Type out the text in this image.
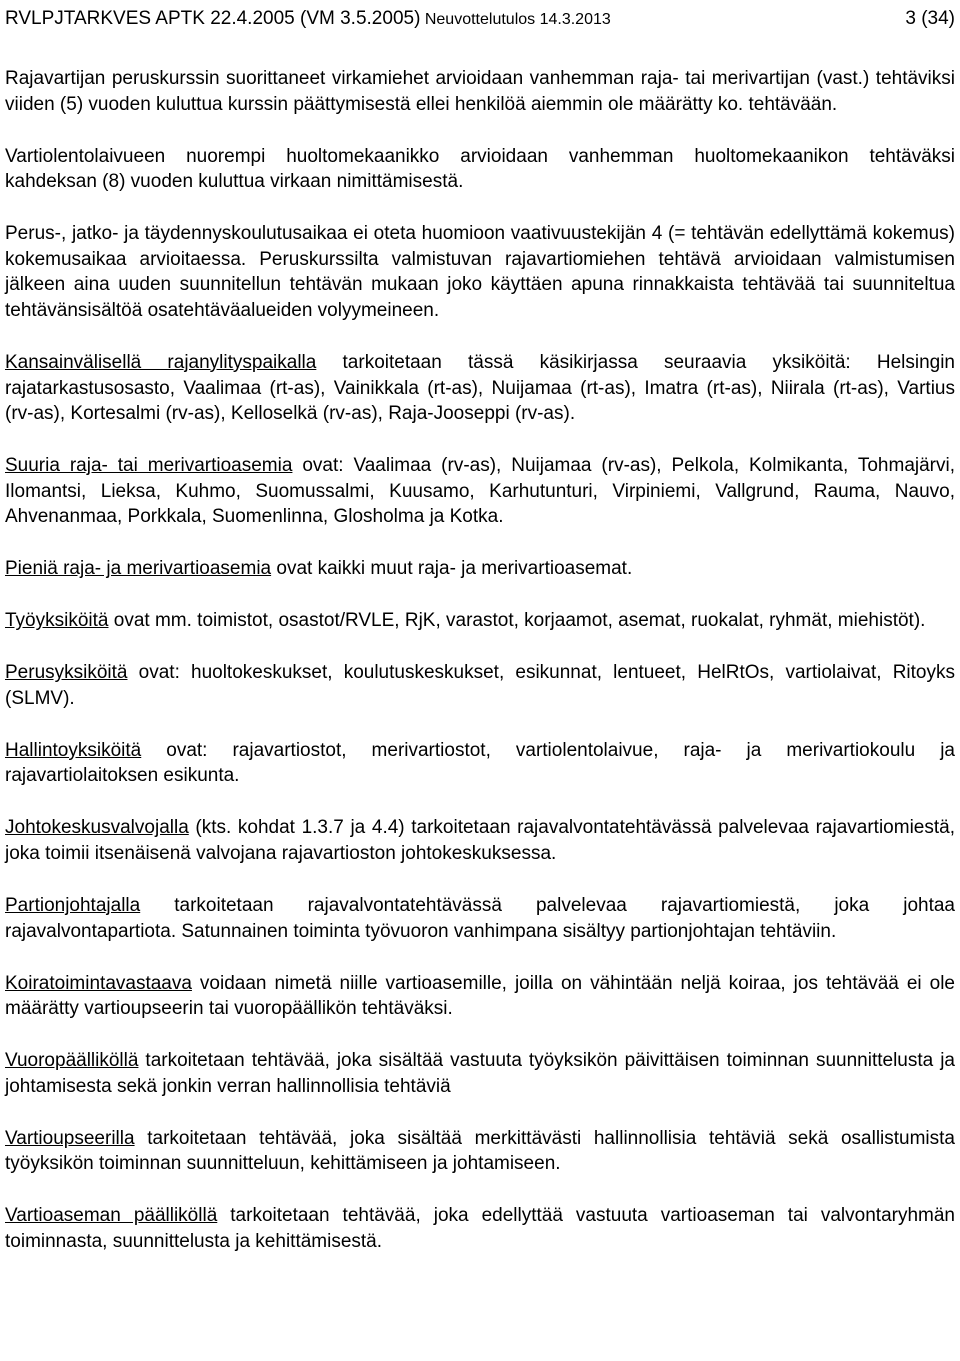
RVLPJTARKVES APTK 22.4.2005 (VM 3.5.2005) Neuvottelutulos 14.3.2013	3 (34)

Rajavartijan peruskurssin suorittaneet virkamiehet arvioidaan vanhemman raja- tai merivartijan (vast.) tehtäviksi viiden (5) vuoden kuluttua kurssin päättymisestä ellei henkilöä aiemmin ole määrätty ko. tehtävään.

Vartiolentolaivueen nuorempi huoltomekaanikko arvioidaan vanhemman huoltomekaanikon tehtäväksi kahdeksan (8) vuoden kuluttua virkaan nimittämisestä.

Perus-, jatko- ja täydennyskoulutusaikaa ei oteta huomioon vaativuustekijän 4 (= tehtävän edellyttämä kokemus) kokemusaikaa arvioitaessa. Peruskurssilta valmistuvan rajavartiomiehen tehtävä arvioidaan valmistumisen jälkeen aina uuden suunnitellun tehtävän mukaan joko käyttäen apuna rinnakkaista tehtävää tai suunniteltua tehtävänsisältöä osatehtäväalueiden volyymeineen.

Kansainvälisellä rajanylityspaikalla tarkoitetaan tässä käsikirjassa seuraavia yksiköitä: Helsingin rajatarkastusosasto, Vaalimaa (rt-as), Vainikkala (rt-as), Nuijamaa (rt-as), Imatra (rt-as), Niirala (rt-as), Vartius (rv-as), Kortesalmi (rv-as), Kelloselkä (rv-as), Raja-Jooseppi (rv-as).

Suuria raja- tai merivartioasemia ovat: Vaalimaa (rv-as), Nuijamaa (rv-as), Pelkola, Kolmikanta, Tohmajärvi, Ilomantsi, Lieksa, Kuhmo, Suomussalmi, Kuusamo, Karhutunturi, Virpiniemi, Vallgrund, Rauma, Nauvo, Ahvenanmaa, Porkkala, Suomenlinna, Glosholma ja Kotka.

Pieniä raja- ja merivartioasemia ovat kaikki muut raja- ja merivartioasemat.

Työyksiköitä ovat mm. toimistot, osastot/RVLE, RjK, varastot, korjaamot, asemat, ruokalat, ryhmät, miehistöt).

Perusyksiköitä ovat: huoltokeskukset, koulutuskeskukset, esikunnat, lentueet, HelRtOs, vartiolaivat, Ritoyks (SLMV).

Hallintoyksiköitä ovat: rajavartiostot, merivartiostot, vartiolentolaivue, raja- ja merivartiokoulu ja rajavartiolaitoksen esikunta.

Johtokeskusvalvojalla (kts. kohdat 1.3.7 ja 4.4) tarkoitetaan rajavalvontatehtävässä palvelevaa rajavartiomiestä, joka toimii itsenäisenä valvojana rajavartioston johtokeskuksessa.

Partionjohtajalla tarkoitetaan rajavalvontatehtävässä palvelevaa rajavartiomiestä, joka johtaa rajavalvontapartiota. Satunnainen toiminta työvuoron vanhimpana sisältyy partionjohtajan tehtäviin.

Koiratoimintavastaava voidaan nimetä niille vartioasemille, joilla on vähintään neljä koiraa, jos tehtävää ei ole määrätty vartioupseerin tai vuoropäällikön tehtäväksi.

Vuoropäälliköllä tarkoitetaan tehtävää, joka sisältää vastuuta työyksikön päivittäisen toiminnan suunnittelusta ja johtamisesta sekä jonkin verran hallinnollisia tehtäviä

Vartioupseerilla tarkoitetaan tehtävää, joka sisältää merkittävästi hallinnollisia tehtäviä sekä osallistumista työyksikön toiminnan suunnitteluun, kehittämiseen ja johtamiseen.

Vartioaseman päälliköllä tarkoitetaan tehtävää, joka edellyttää vastuuta vartioaseman tai valvontaryhmän toiminnasta, suunnittelusta ja kehittämisestä.
